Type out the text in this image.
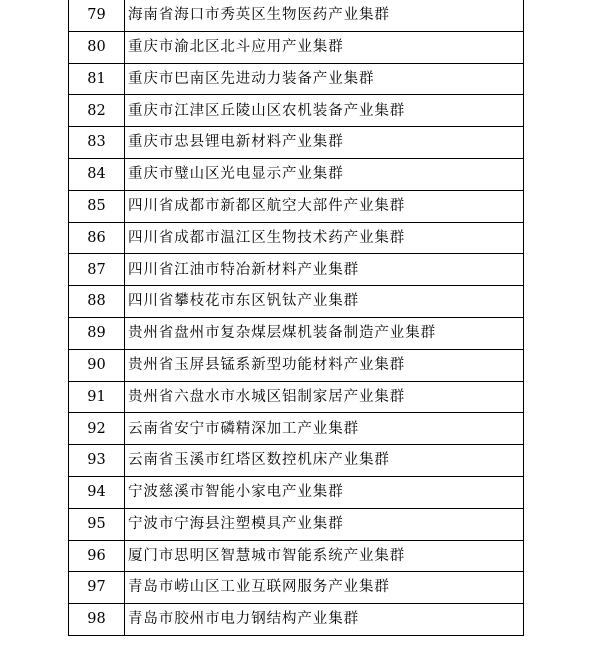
79	海南省海口市秀英区生物医药产业集群
80	重庆市渝北区北斗应用产业集群
81	重庆市巴南区先进动力装备产业集群
82	重庆市江津区丘陵山区农机装备产业集群
83	重庆市忠县锂电新材料产业集群
84	重庆市璧山区光电显示产业集群
85	四川省成都市新都区航空大部件产业集群
86	四川省成都市温江区生物技术药产业集群
87	四川省江油市特冶新材料产业集群
88	四川省攀枝花市东区钒钛产业集群
89	贵州省盘州市复杂煤层煤机装备制造产业集群
90	贵州省玉屏县锰系新型功能材料产业集群
91	贵州省六盘水市水城区铝制家居产业集群
92	云南省安宁市磷精深加工产业集群
93	云南省玉溪市红塔区数控机床产业集群
94	宁波慈溪市智能小家电产业集群
95	宁波市宁海县注塑模具产业集群
96	厦门市思明区智慧城市智能系统产业集群
97	青岛市崂山区工业互联网服务产业集群
98	青岛市胶州市电力钢结构产业集群
